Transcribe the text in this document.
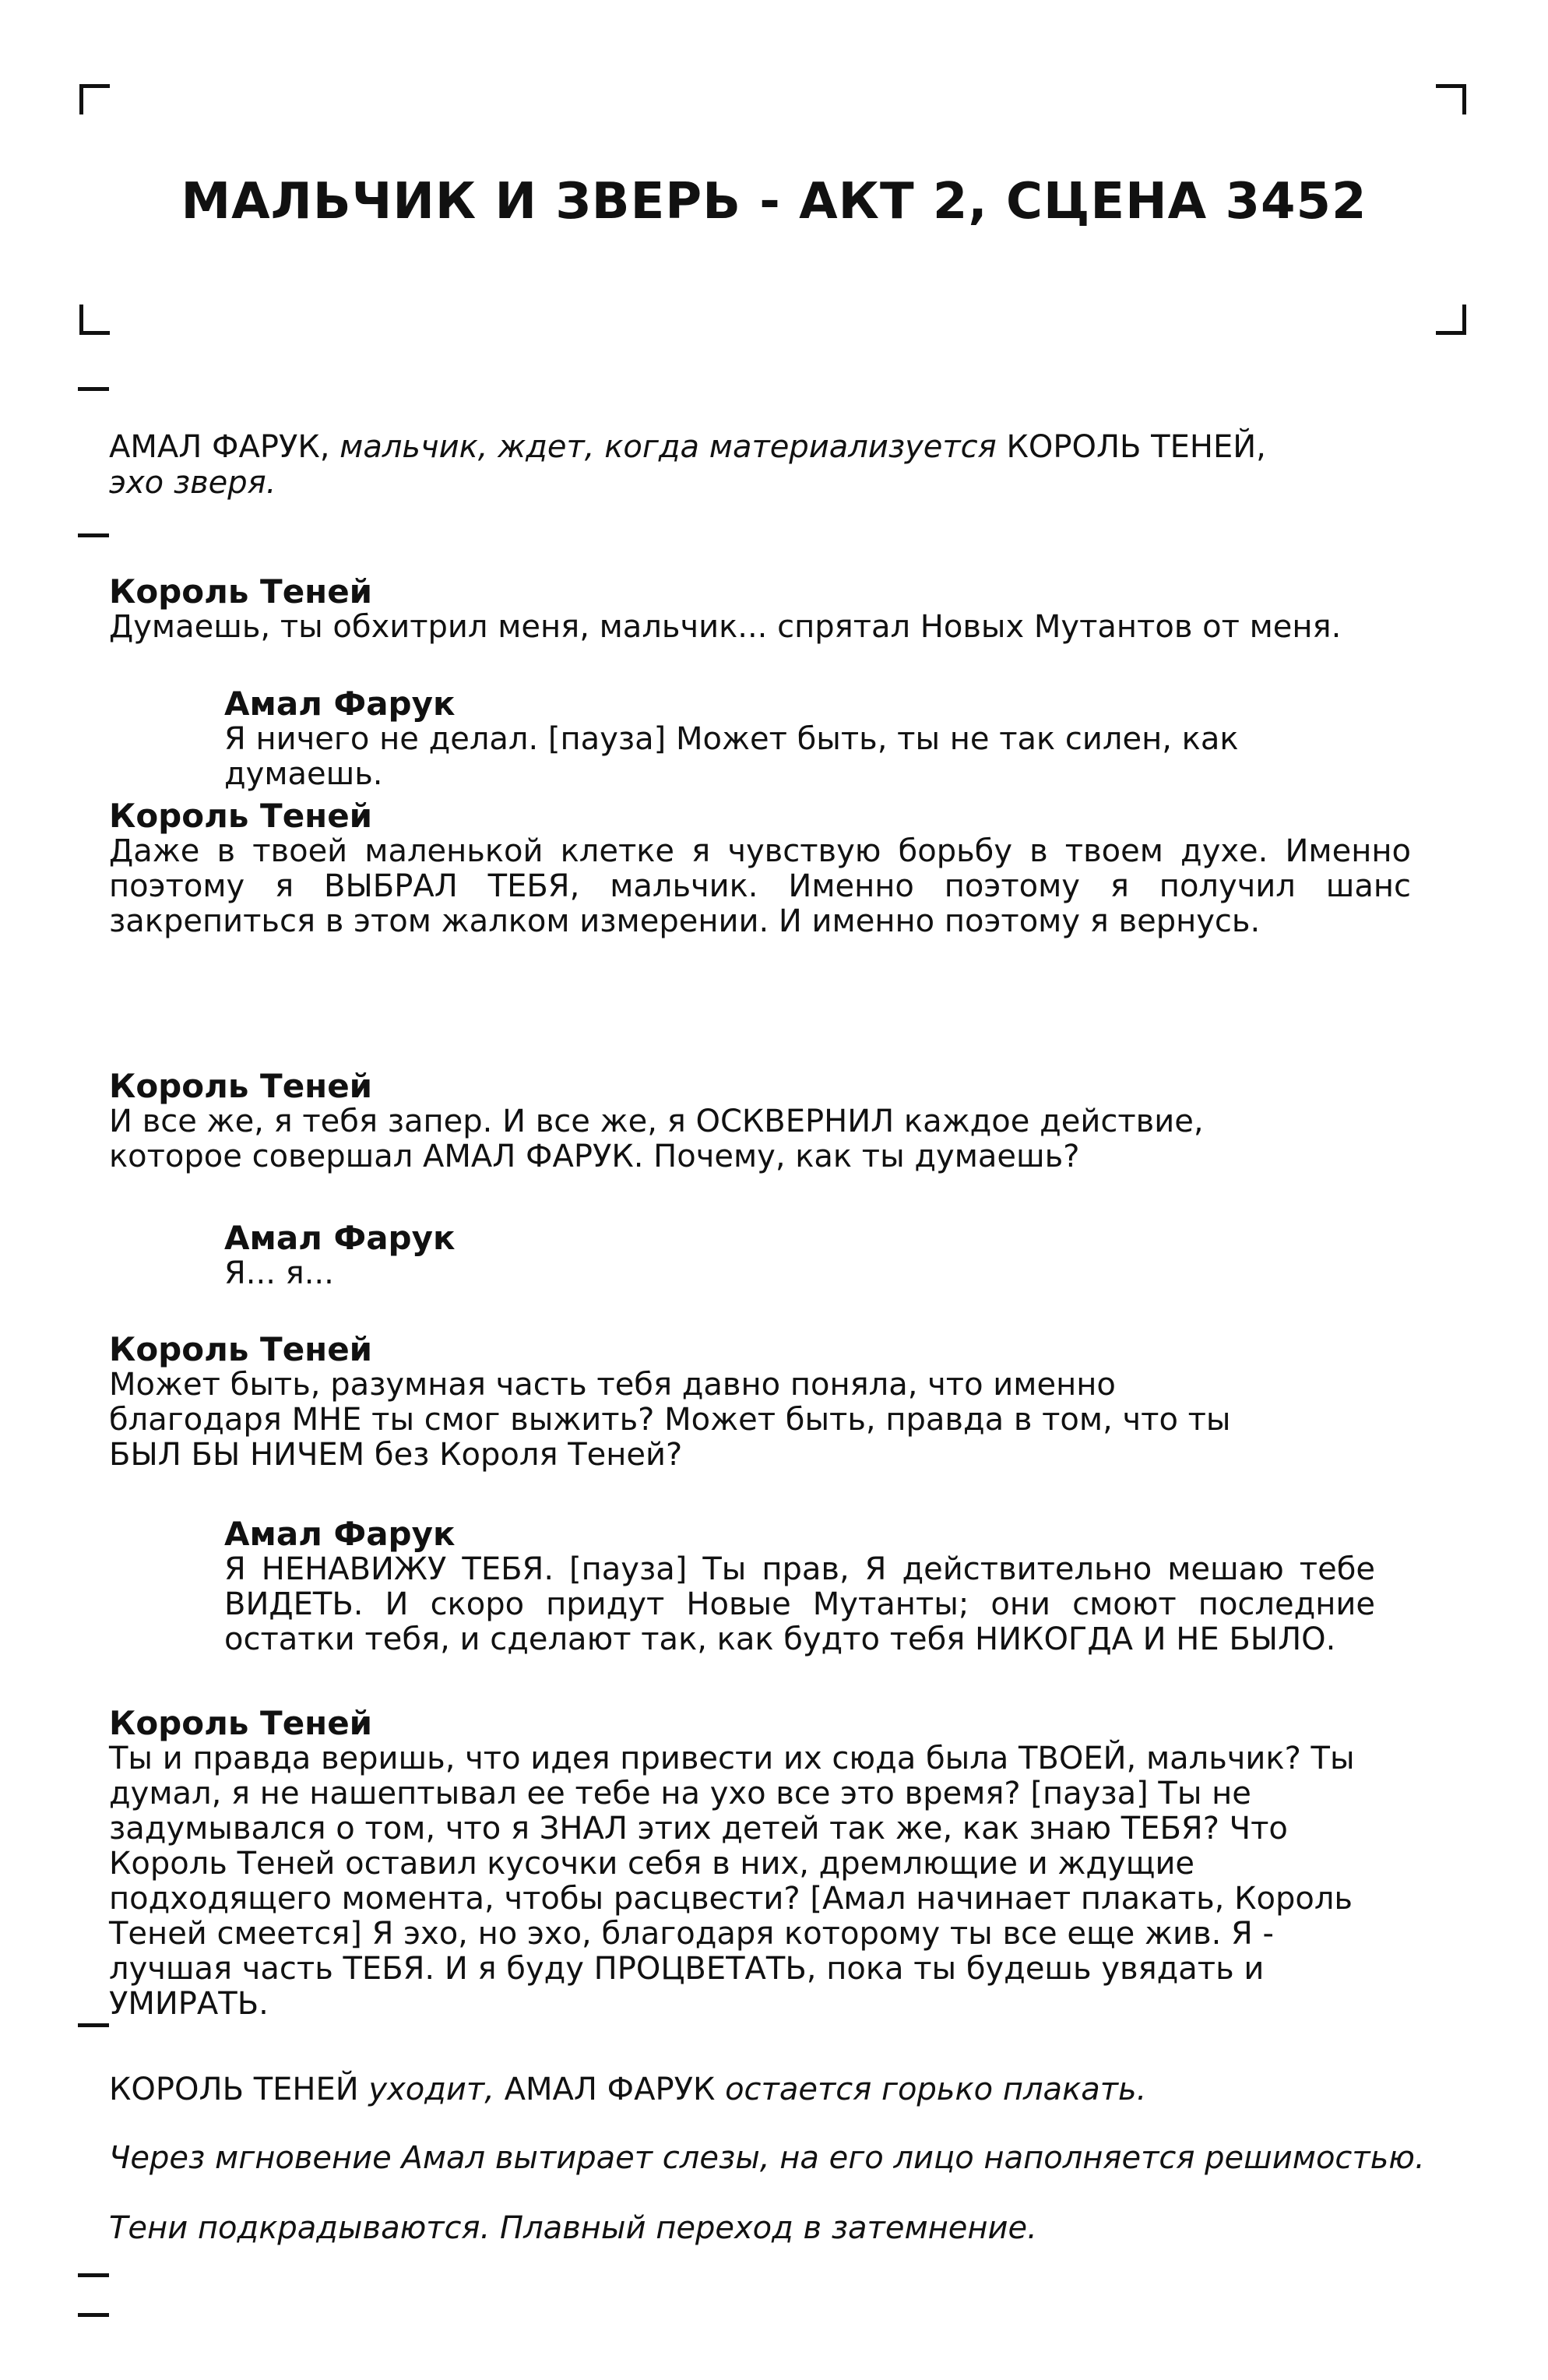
МАЛЬЧИК И ЗВЕРЬ - АКТ 2, СЦЕНА 3452

АМАЛ ФАРУК, мальчик, ждет, когда материализуется КОРОЛЬ ТЕНЕЙ,
эхо зверя.

Король Теней

Думаешь, ты обхитрил меня, мальчик... спрятал Новых Мутантов от меня.

Амал Фарук

Я ничего не делал. [пауза] Может быть, ты не так силен, как думаешь.

Король Теней

Даже в твоей маленькой клетке я чувствую борьбу в твоем духе. Именно поэтому я ВЫБРАЛ ТЕБЯ, мальчик. Именно поэтому я получил шанс закрепиться в этом жалком измерении. И именно поэтому я вернусь.

Король Теней

И все же, я тебя запер. И все же, я ОСКВЕРНИЛ каждое действие, которое совершал АМАЛ ФАРУК. Почему, как ты думаешь?

Амал Фарук

Я... я...

Король Теней

Может быть, разумная часть тебя давно поняла, что именно благодаря МНЕ ты смог выжить? Может быть, правда в том, что ты БЫЛ БЫ НИЧЕМ без Короля Теней?

Амал Фарук

Я НЕНАВИЖУ ТЕБЯ. [пауза] Ты прав, Я действительно мешаю тебе ВИДЕТЬ. И скоро придут Новые Мутанты; они смоют последние остатки тебя, и сделают так, как будто тебя НИКОГДА И НЕ БЫЛО.

Король Теней

Ты и правда веришь, что идея привести их сюда была ТВОЕЙ, мальчик? Ты думал, я не нашептывал ее тебе на ухо все это время? [пауза] Ты не задумывался о том, что я ЗНАЛ этих детей так же, как знаю ТЕБЯ? Что Король Теней оставил кусочки себя в них, дремлющие и ждущие подходящего момента, чтобы расцвести? [Амал начинает плакать, Король Теней смеется] Я эхо, но эхо, благодаря которому ты все еще жив. Я - лучшая часть ТЕБЯ. И я буду ПРОЦВЕТАТЬ, пока ты будешь увядать и УМИРАТЬ.

КОРОЛЬ ТЕНЕЙ уходит, АМАЛ ФАРУК остается горько плакать.

Через мгновение Амал вытирает слезы, на его лицо наполняется решимостью.

Тени подкрадываются. Плавный переход в затемнение.
